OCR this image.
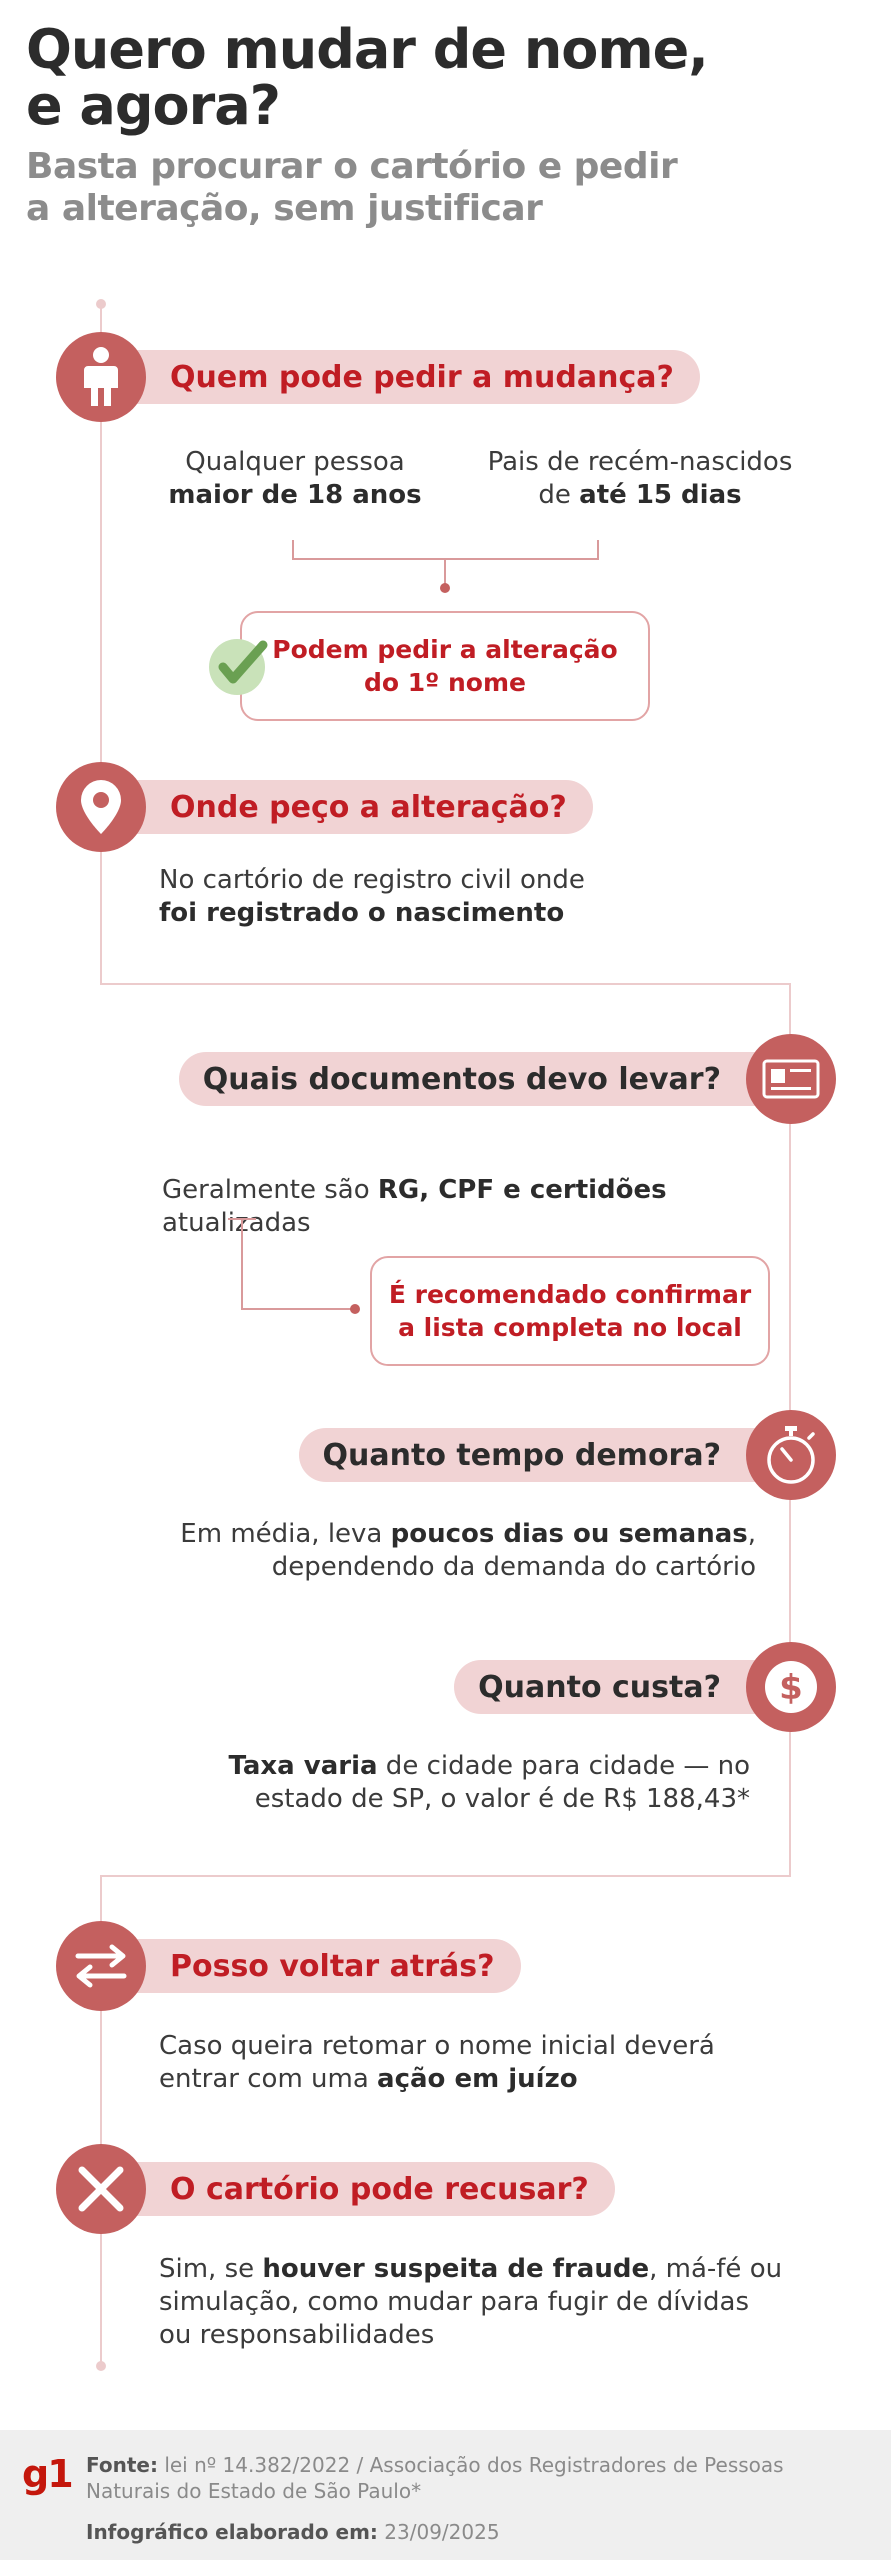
Quero mudar de nome,
e agora?
Basta procurar o cartório e pedir
a alteração, sem justificar
Quem pode pedir a mudança?
Qualquer pessoa
maior de 18 anos
Pais de recém-nascidos
de até 15 dias
Podem pedir a alteração
do 1º nome
Onde peço a alteração?
No cartório de registro civil onde
foi registrado o nascimento
Quais documentos devo levar?
Geralmente são RG, CPF e certidões atualizadas
É recomendado confirmar
a lista completa no local
Quanto tempo demora?
Em média, leva poucos dias ou semanas,
dependendo da demanda do cartório
Quanto custa? $
Taxa varia de cidade para cidade — no
estado de SP, o valor é de R$ 188,43*
Posso voltar atrás?
Caso queira retomar o nome inicial deverá
entrar com uma ação em juízo
O cartório pode recusar?
Sim, se houver suspeita de fraude, má-fé ou
simulação, como mudar para fugir de dívidas
ou responsabilidades
g1 Fonte: lei nº 14.382/2022 / Associação dos Registradores de Pessoas Naturais do Estado de São Paulo*
Infográfico elaborado em: 23/09/2025
